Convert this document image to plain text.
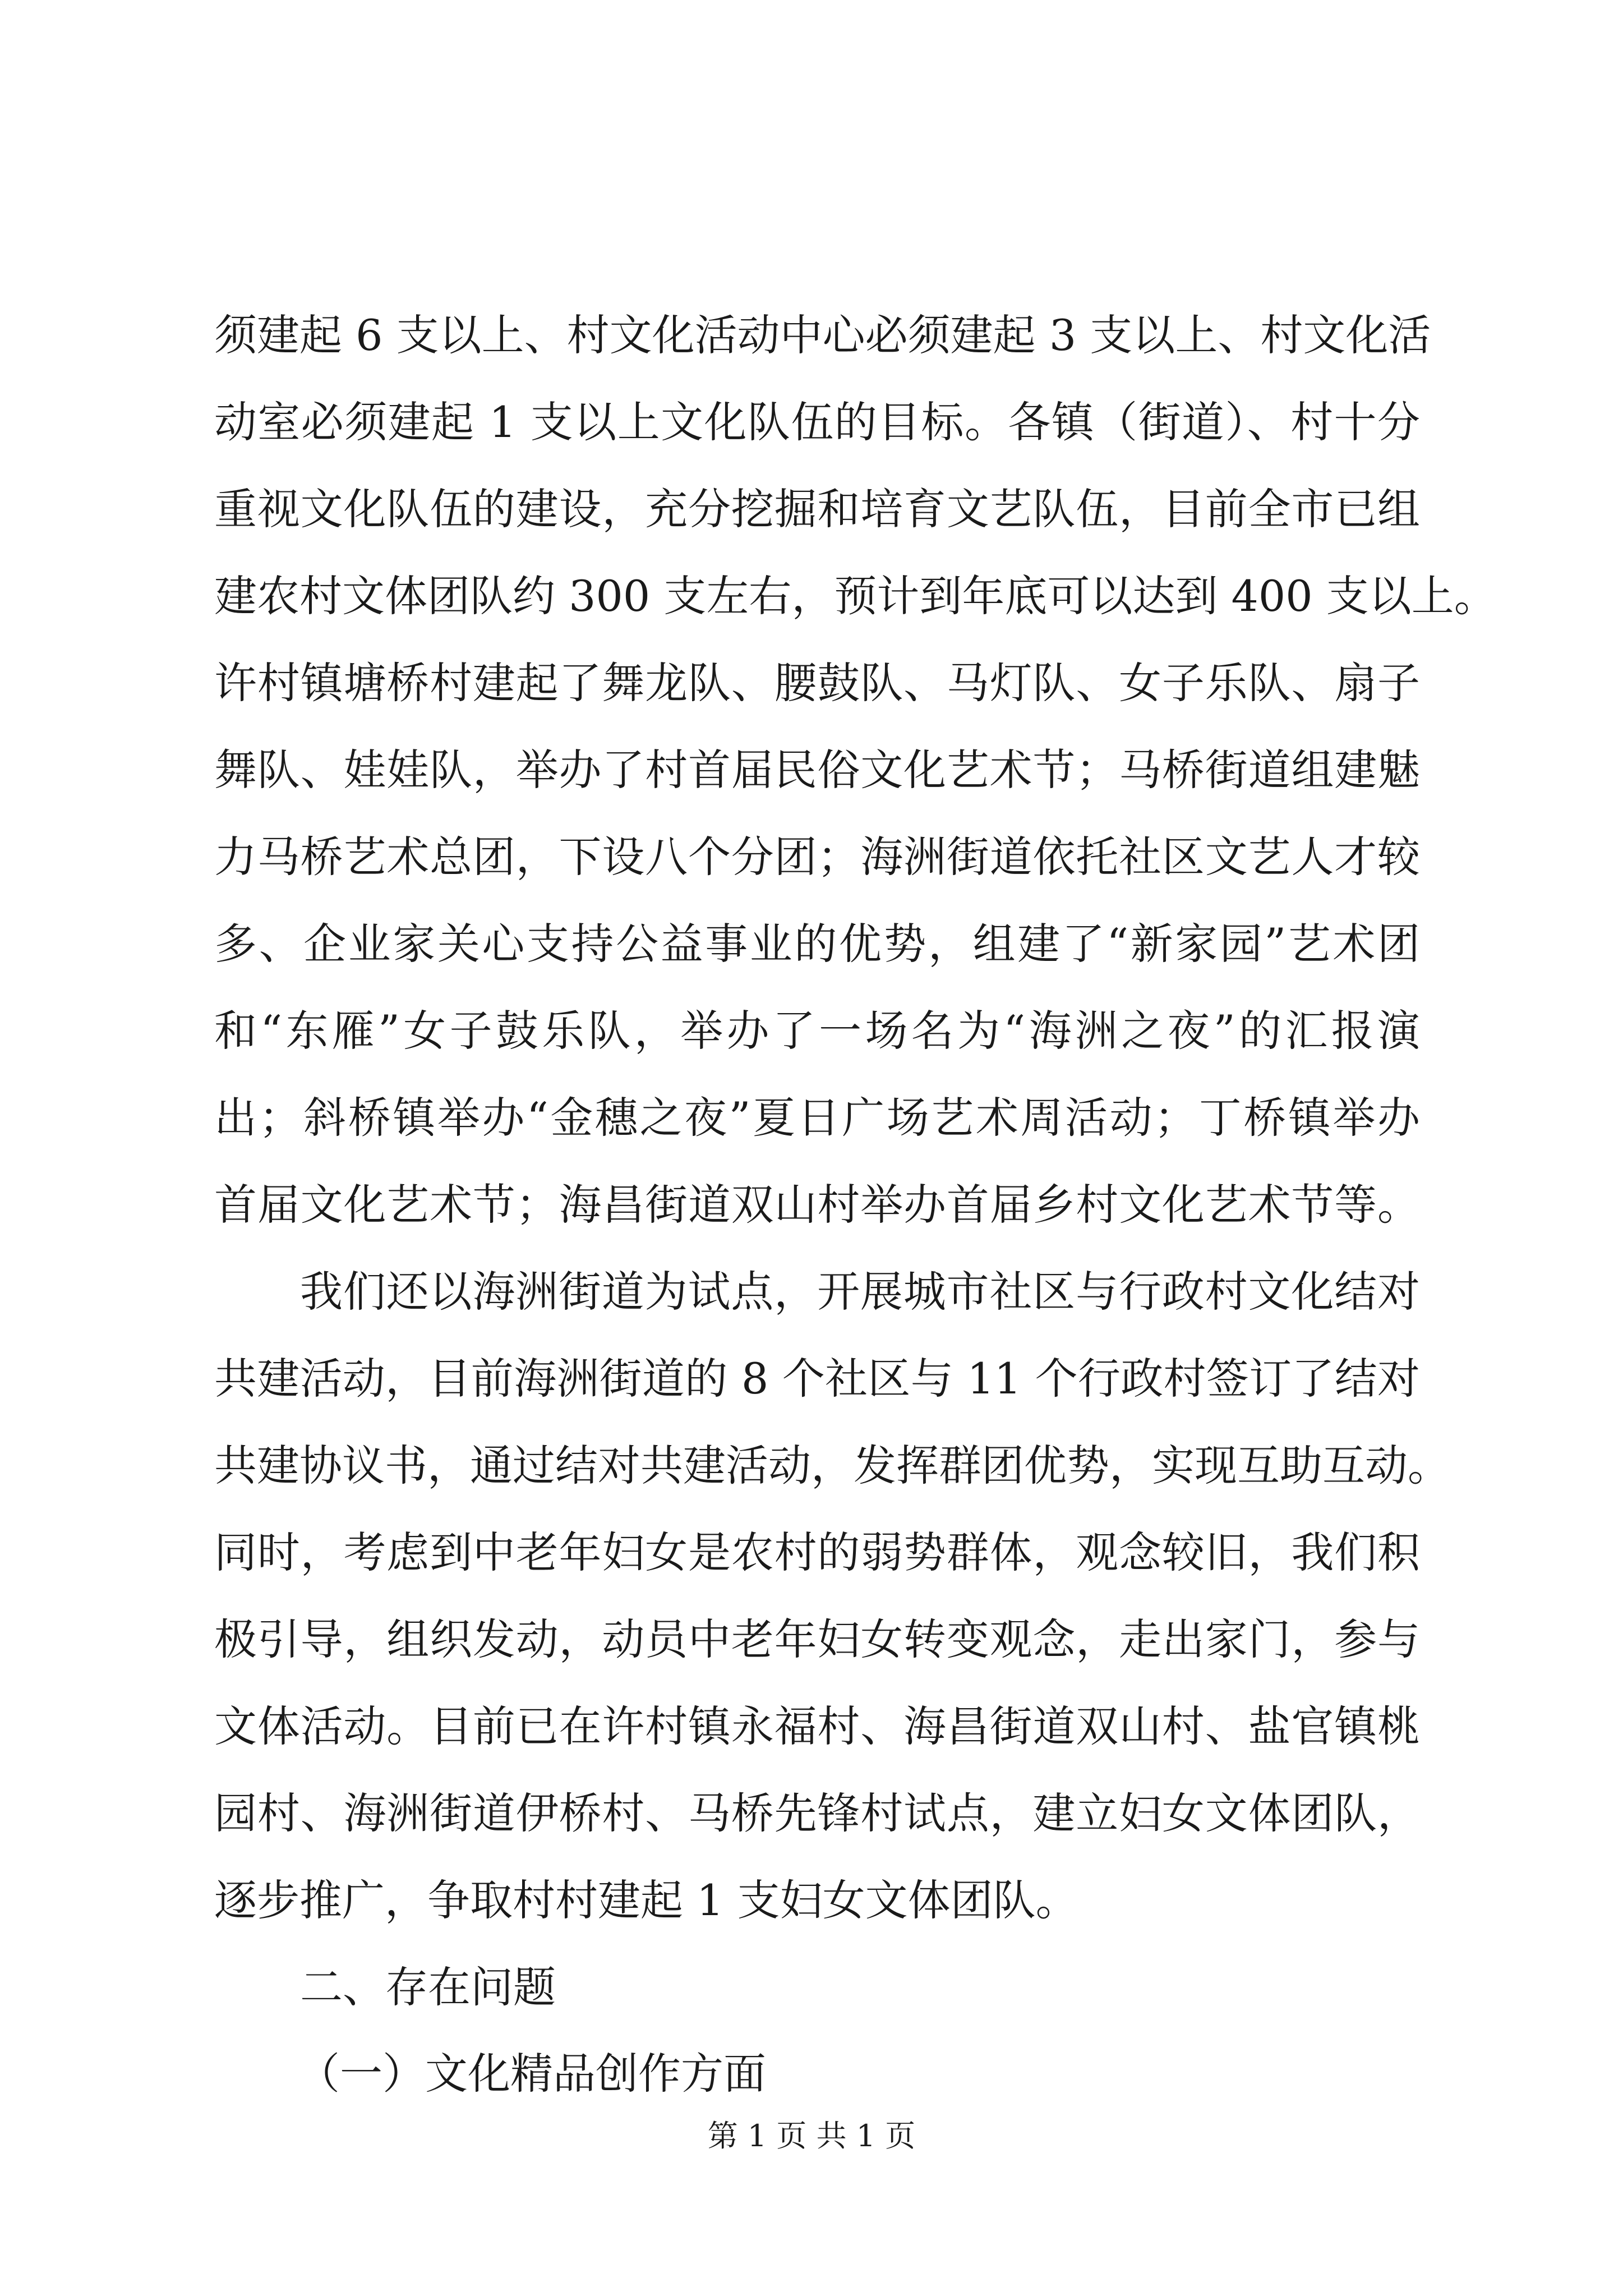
须建起 6 支以上、村文化活动中心必须建起 3 支以上、村文化活
动室必须建起 1 支以上文化队伍的目标。各镇（街道）、村十分
重视文化队伍的建设，充分挖掘和培育文艺队伍，目前全市已组
建农村文体团队约 300 支左右，预计到年底可以达到 400 支以上。
许村镇塘桥村建起了舞龙队、腰鼓队、马灯队、女子乐队、扇子
舞队、娃娃队，举办了村首届民俗文化艺术节；马桥街道组建魅
力马桥艺术总团，下设八个分团；海洲街道依托社区文艺人才较
多、企业家关心支持公益事业的优势，组建了“新家园”艺术团
和“东雁”女子鼓乐队，举办了一场名为“海洲之夜”的汇报演
出；斜桥镇举办“金穗之夜”夏日广场艺术周活动；丁桥镇举办
首届文化艺术节；海昌街道双山村举办首届乡村文化艺术节等。
我们还以海洲街道为试点，开展城市社区与行政村文化结对
共建活动，目前海洲街道的 8 个社区与 11 个行政村签订了结对
共建协议书，通过结对共建活动，发挥群团优势，实现互助互动。
同时，考虑到中老年妇女是农村的弱势群体，观念较旧，我们积
极引导，组织发动，动员中老年妇女转变观念，走出家门，参与
文体活动。目前已在许村镇永福村、海昌街道双山村、盐官镇桃
园村、海洲街道伊桥村、马桥先锋村试点，建立妇女文体团队，
逐步推广，争取村村建起 1 支妇女文体团队。
二、存在问题
（一）文化精品创作方面
第 1 页 共 1 页
